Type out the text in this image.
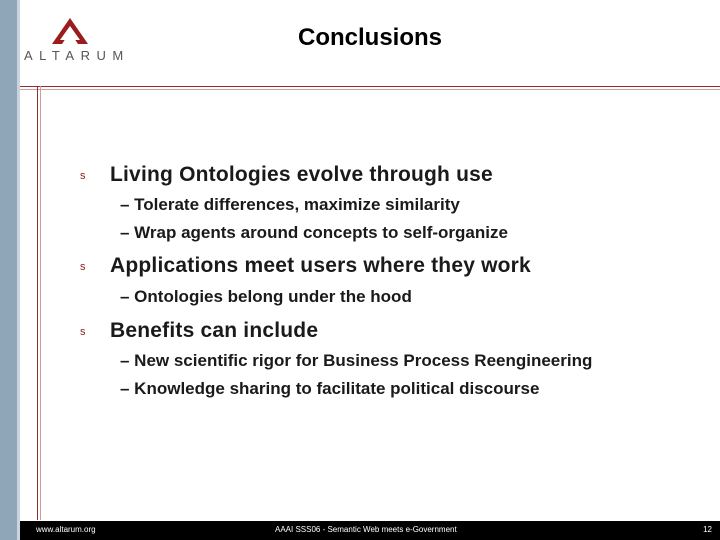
ALTARUM
Conclusions
s	Living Ontologies evolve through use
– Tolerate differences, maximize similarity
– Wrap agents around concepts to self-organize
s	Applications meet users where they work
– Ontologies belong under the hood
s	Benefits can include
– New scientific rigor for Business Process Reengineering
– Knowledge sharing to facilitate political discourse
www.altarum.org	AAAI SSS06 - Semantic Web meets e-Government	12
